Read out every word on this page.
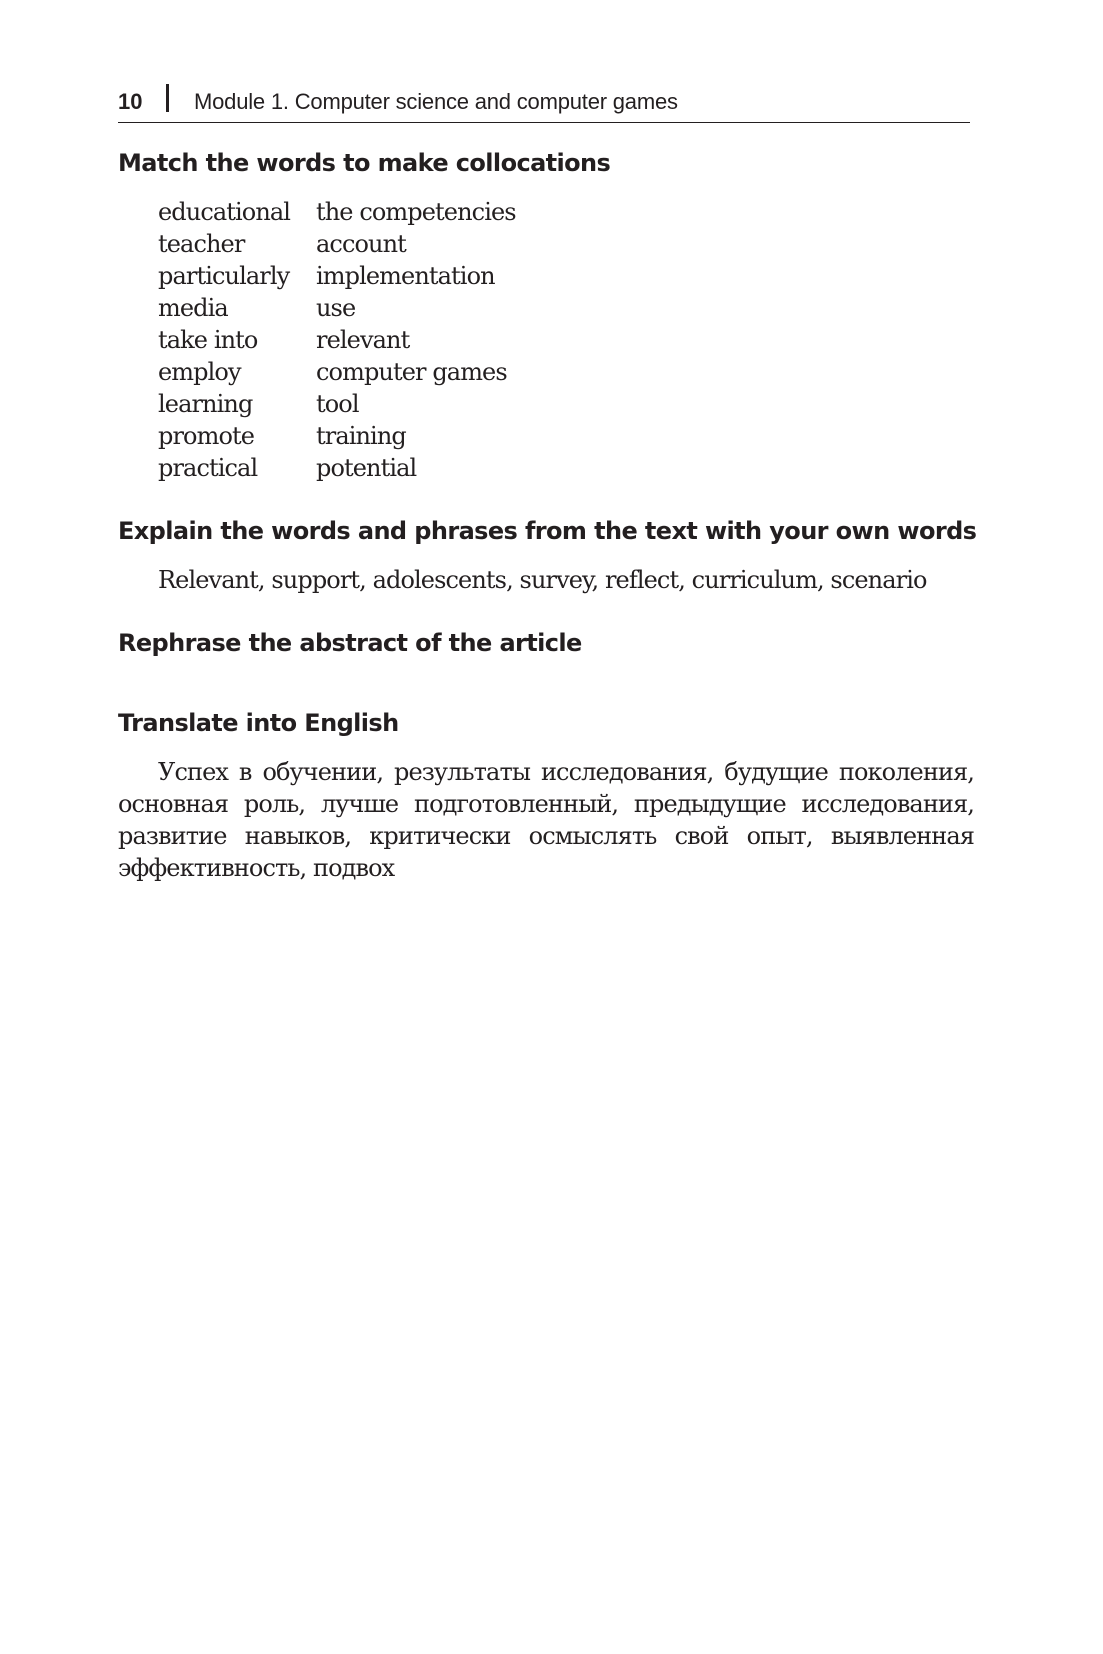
10 Module 1. Computer science and computer games
Match the words to make collocations
educational
teacher
particularly
media
take into
employ
learning
promote
practical
the competencies
account
implementation
use
relevant
computer games
tool
training
potential
Explain the words and phrases from the text with your own words
Relevant, support, adolescents, survey, reflect, curriculum, scenario
Rephrase the abstract of the article
Translate into English

Успех в обучении, результаты исследования, будущие поколения, основная роль, лучше подготовленный, предыдущие исследования, развитие навыков, критически осмыслять свой опыт, выявленная эффективность, подвох
